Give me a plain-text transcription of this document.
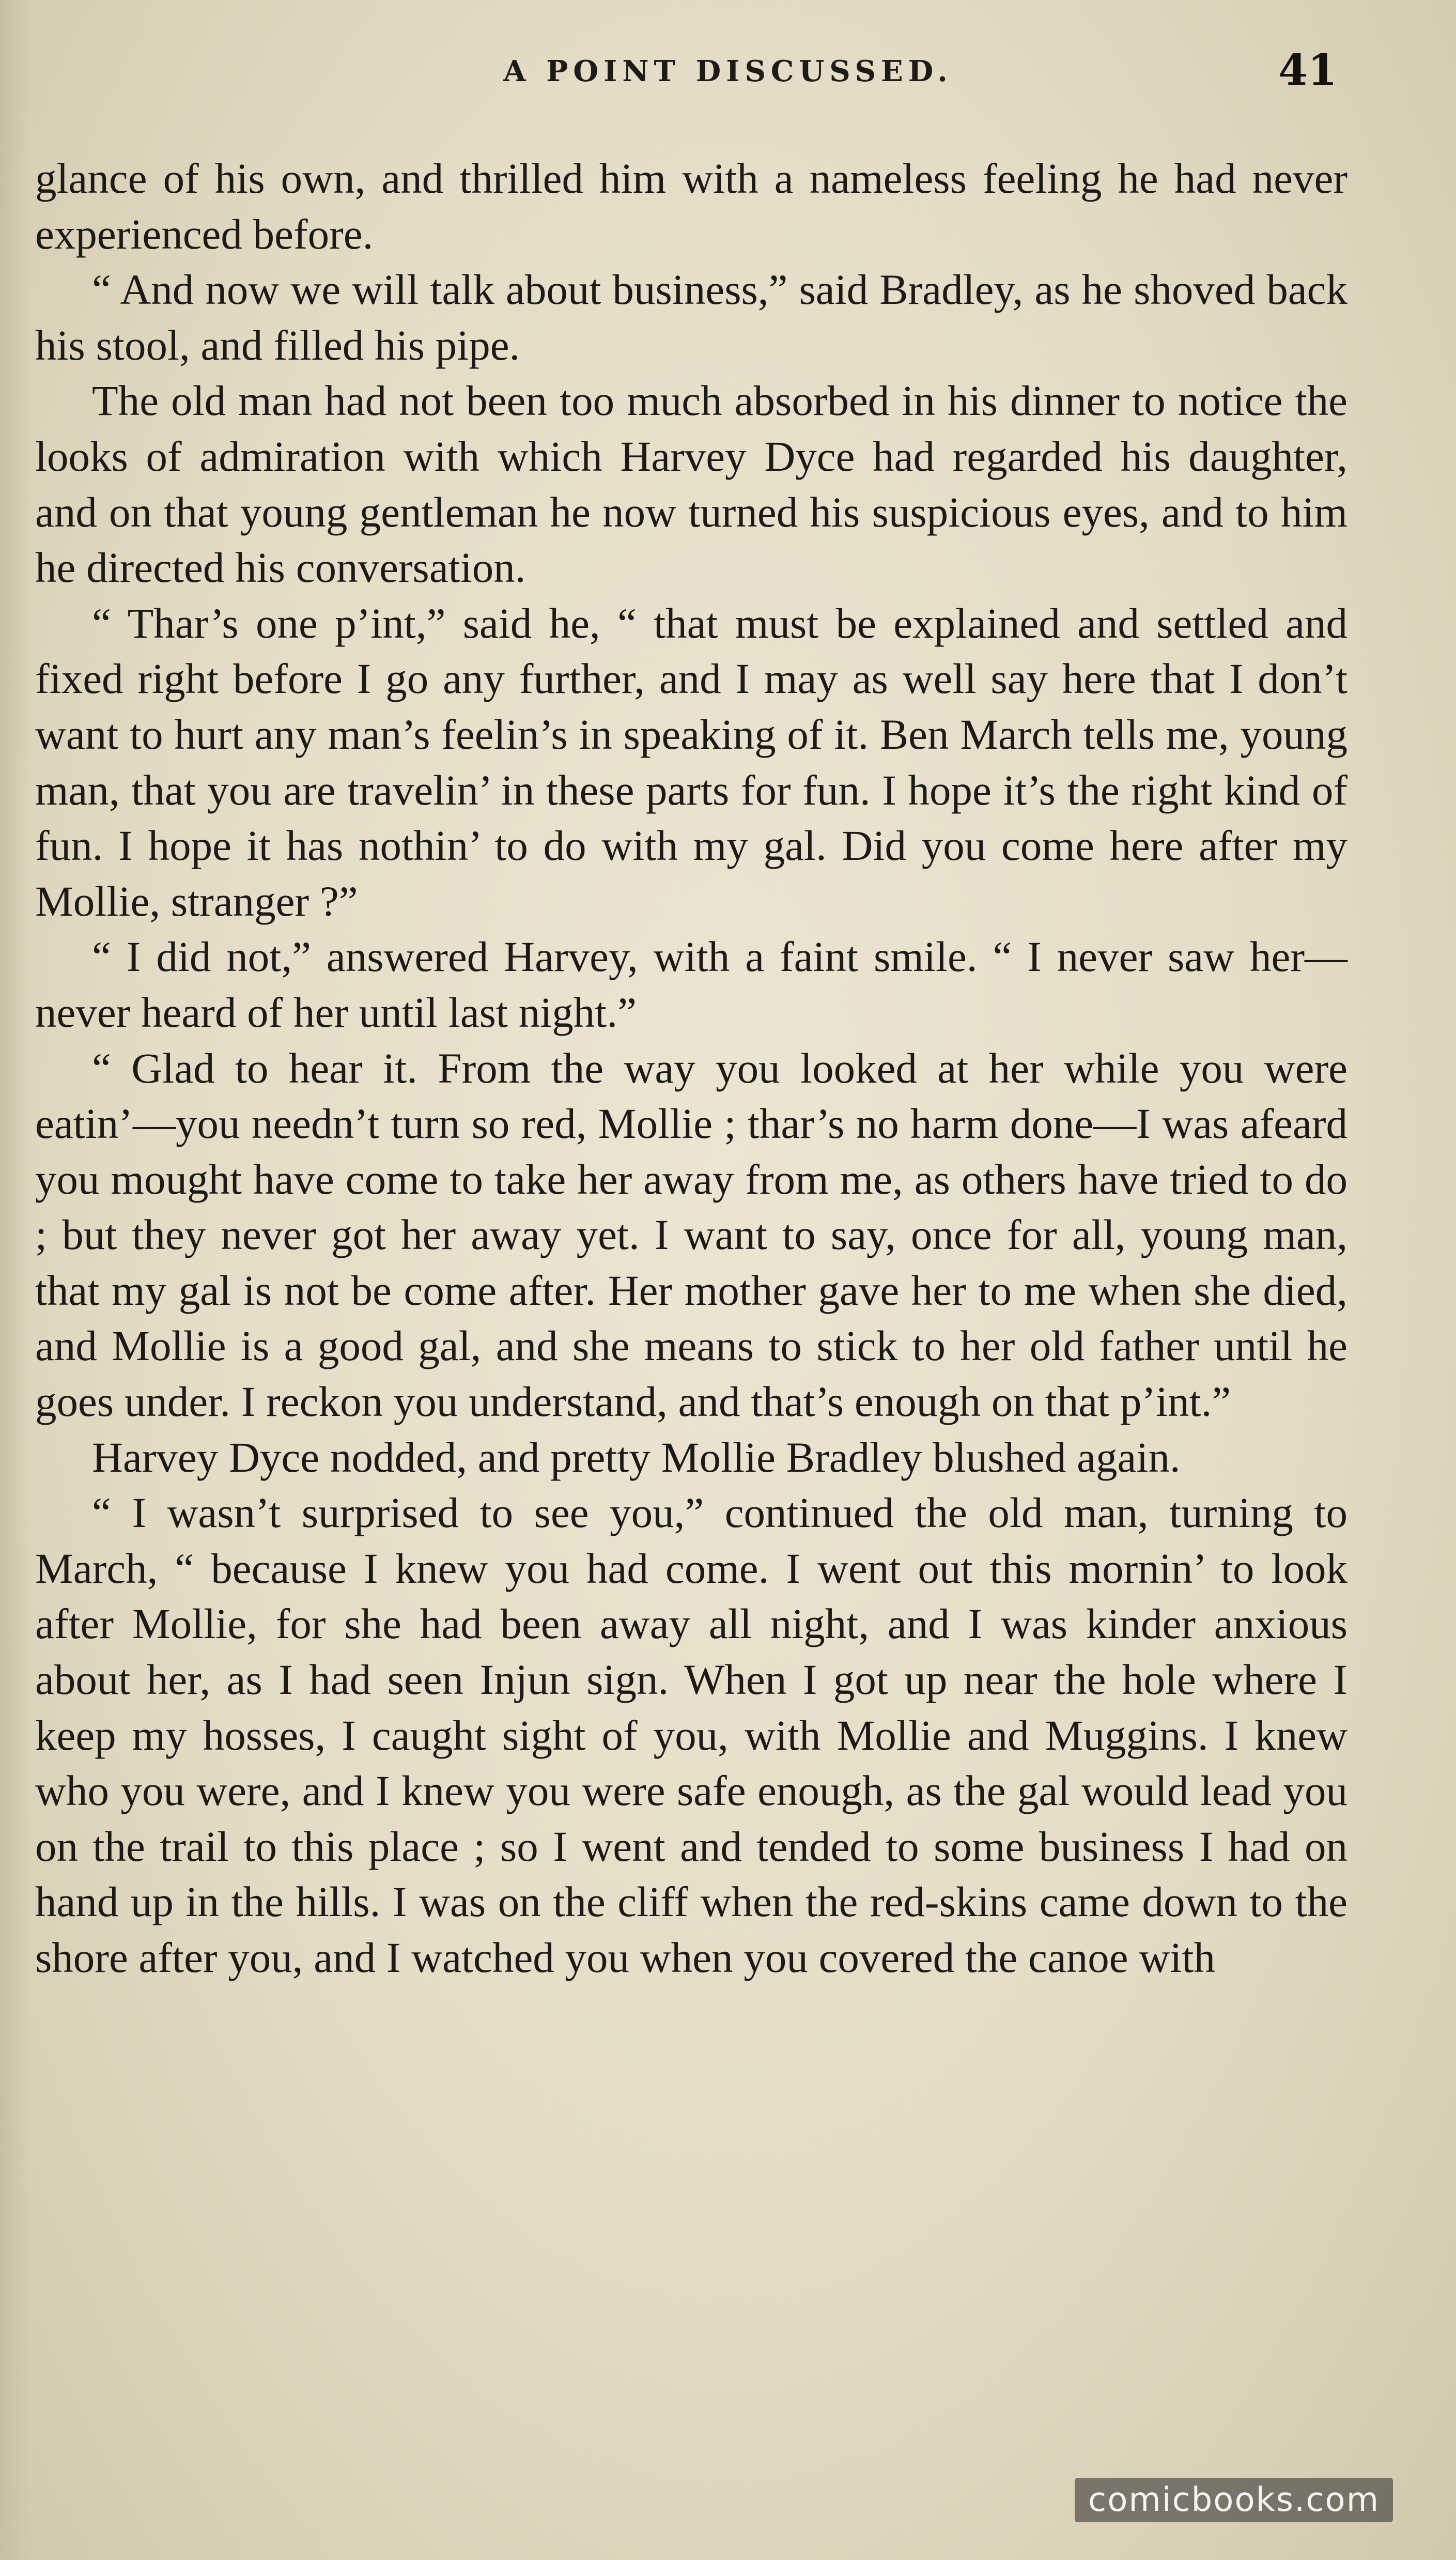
A POINT DISCUSSED.	41

glance of his own, and thrilled him with a nameless feeling he had never experienced before.

“ And now we will talk about business,” said Bradley, as he shoved back his stool, and filled his pipe.

The old man had not been too much absorbed in his dinner to notice the looks of admiration with which Harvey Dyce had regarded his daughter, and on that young gentleman he now turned his suspicious eyes, and to him he directed his conversation.

“ Thar’s one p’int,” said he, “ that must be explained and settled and fixed right before I go any further, and I may as well say here that I don’t want to hurt any man’s feelin’s in speaking of it. Ben March tells me, young man, that you are travelin’ in these parts for fun. I hope it’s the right kind of fun. I hope it has nothin’ to do with my gal. Did you come here after my Mollie, stranger ?”

“ I did not,” answered Harvey, with a faint smile. “ I never saw her—never heard of her until last night.”

“ Glad to hear it. From the way you looked at her while you were eatin’—you needn’t turn so red, Mollie ; thar’s no harm done—I was afeard you mought have come to take her away from me, as others have tried to do ; but they never got her away yet. I want to say, once for all, young man, that my gal is not be come after. Her mother gave her to me when she died, and Mollie is a good gal, and she means to stick to her old father until he goes under. I reckon you understand, and that’s enough on that p’int.”

Harvey Dyce nodded, and pretty Mollie Bradley blushed again.

“ I wasn’t surprised to see you,” continued the old man, turning to March, “ because I knew you had come. I went out this mornin’ to look after Mollie, for she had been away all night, and I was kinder anxious about her, as I had seen Injun sign. When I got up near the hole where I keep my hosses, I caught sight of you, with Mollie and Muggins. I knew who you were, and I knew you were safe enough, as the gal would lead you on the trail to this place ; so I went and tended to some business I had on hand up in the hills. I was on the cliff when the red-skins came down to the shore after you, and I watched you when you covered the canoe with

comicbooks.com
